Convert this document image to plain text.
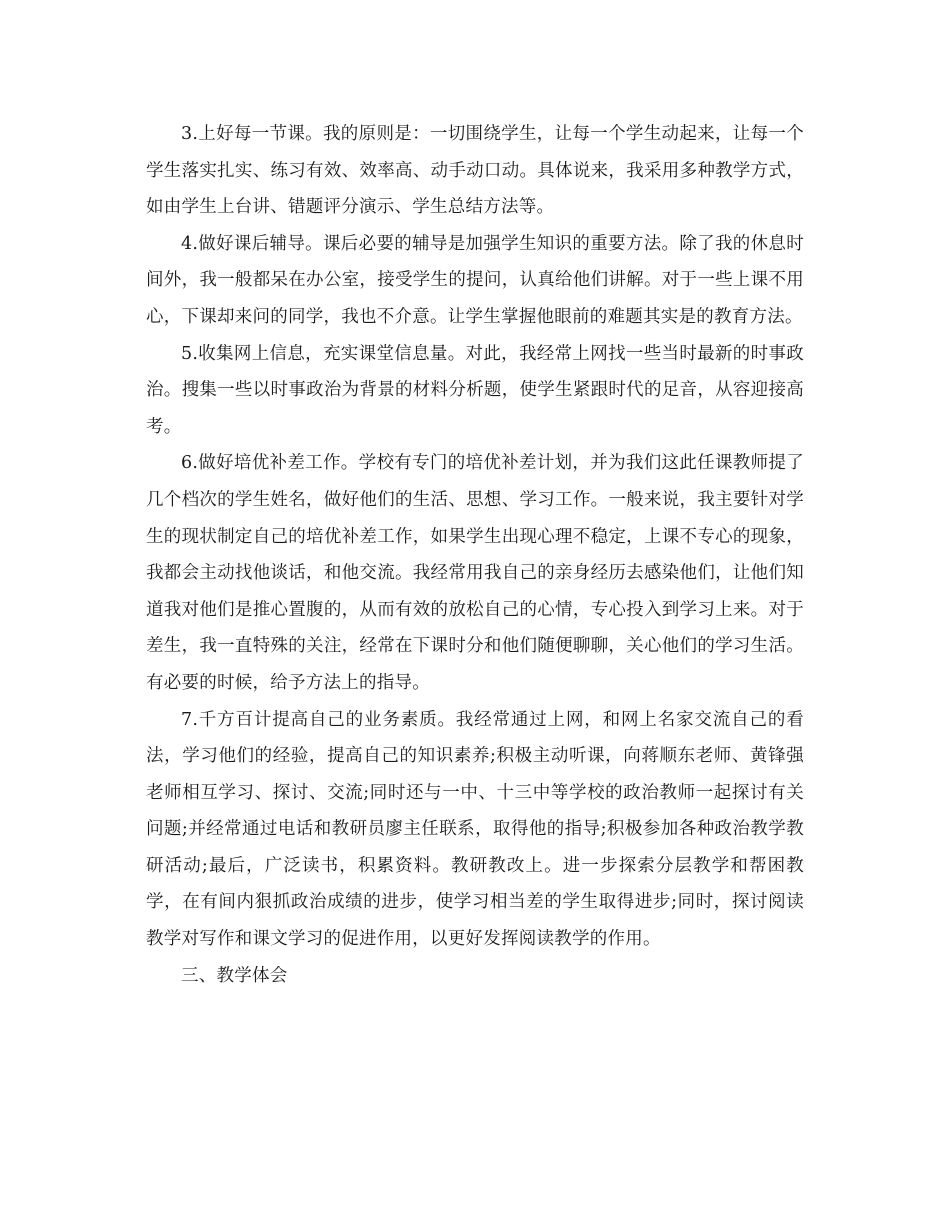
3.上好每一节课。我的原则是：一切围绕学生，让每一个学生动起来，让每一个学生落实扎实、练习有效、效率高、动手动口动。具体说来，我采用多种教学方式，如由学生上台讲、错题评分演示、学生总结方法等。

4.做好课后辅导。课后必要的辅导是加强学生知识的重要方法。除了我的休息时间外，我一般都呆在办公室，接受学生的提问，认真给他们讲解。对于一些上课不用心，下课却来问的同学，我也不介意。让学生掌握他眼前的难题其实是的教育方法。

5.收集网上信息，充实课堂信息量。对此，我经常上网找一些当时最新的时事政治。搜集一些以时事政治为背景的材料分析题，使学生紧跟时代的足音，从容迎接高考。

6.做好培优补差工作。学校有专门的培优补差计划，并为我们这此任课教师提了几个档次的学生姓名，做好他们的生活、思想、学习工作。一般来说，我主要针对学生的现状制定自己的培优补差工作，如果学生出现心理不稳定，上课不专心的现象，我都会主动找他谈话，和他交流。我经常用我自己的亲身经历去感染他们，让他们知道我对他们是推心置腹的，从而有效的放松自己的心情，专心投入到学习上来。对于差生，我一直特殊的关注，经常在下课时分和他们随便聊聊，关心他们的学习生活。有必要的时候，给予方法上的指导。

7.千方百计提高自己的业务素质。我经常通过上网，和网上名家交流自己的看法，学习他们的经验，提高自己的知识素养;积极主动听课，向蒋顺东老师、黄锋强老师相互学习、探讨、交流;同时还与一中、十三中等学校的政治教师一起探讨有关问题;并经常通过电话和教研员廖主任联系，取得他的指导;积极参加各种政治教学教研活动;最后，广泛读书，积累资料。教研教改上。进一步探索分层教学和帮困教学，在有间内狠抓政治成绩的进步，使学习相当差的学生取得进步;同时，探讨阅读教学对写作和课文学习的促进作用，以更好发挥阅读教学的作用。

三、教学体会
